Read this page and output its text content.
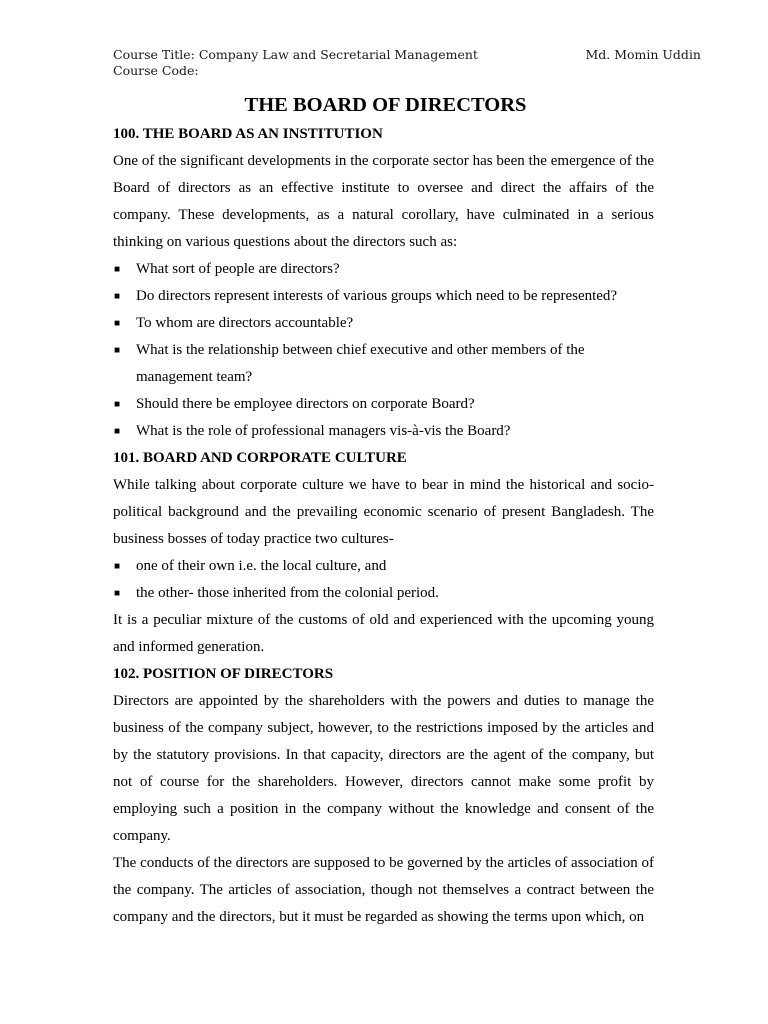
Course Title: Company Law and Secretarial Management	Md. Momin Uddin
Course Code:
THE BOARD OF DIRECTORS
100. THE BOARD AS AN INSTITUTION

One of the significant developments in the corporate sector has been the emergence of the Board of directors as an effective institute to oversee and direct the affairs of the company. These developments, as a natural corollary, have culminated in a serious thinking on various questions about the directors such as:

■ What sort of people are directors?
■ Do directors represent interests of various groups which need to be represented?
■ To whom are directors accountable?
■ What is the relationship between chief executive and other members of the management team?
■ Should there be employee directors on corporate Board?
■ What is the role of professional managers vis-à-vis the Board?
101. BOARD AND CORPORATE CULTURE

While talking about corporate culture we have to bear in mind the historical and socio-political background and the prevailing economic scenario of present Bangladesh. The business bosses of today practice two cultures-

■ one of their own i.e. the local culture, and
■ the other- those inherited from the colonial period.

It is a peculiar mixture of the customs of old and experienced with the upcoming young and informed generation.

102. POSITION OF DIRECTORS

Directors are appointed by the shareholders with the powers and duties to manage the business of the company subject, however, to the restrictions imposed by the articles and by the statutory provisions. In that capacity, directors are the agent of the company, but not of course for the shareholders. However, directors cannot make some profit by employing such a position in the company without the knowledge and consent of the company.

The conducts of the directors are supposed to be governed by the articles of association of the company. The articles of association, though not themselves a contract between the company and the directors, but it must be regarded as showing the terms upon which, on
